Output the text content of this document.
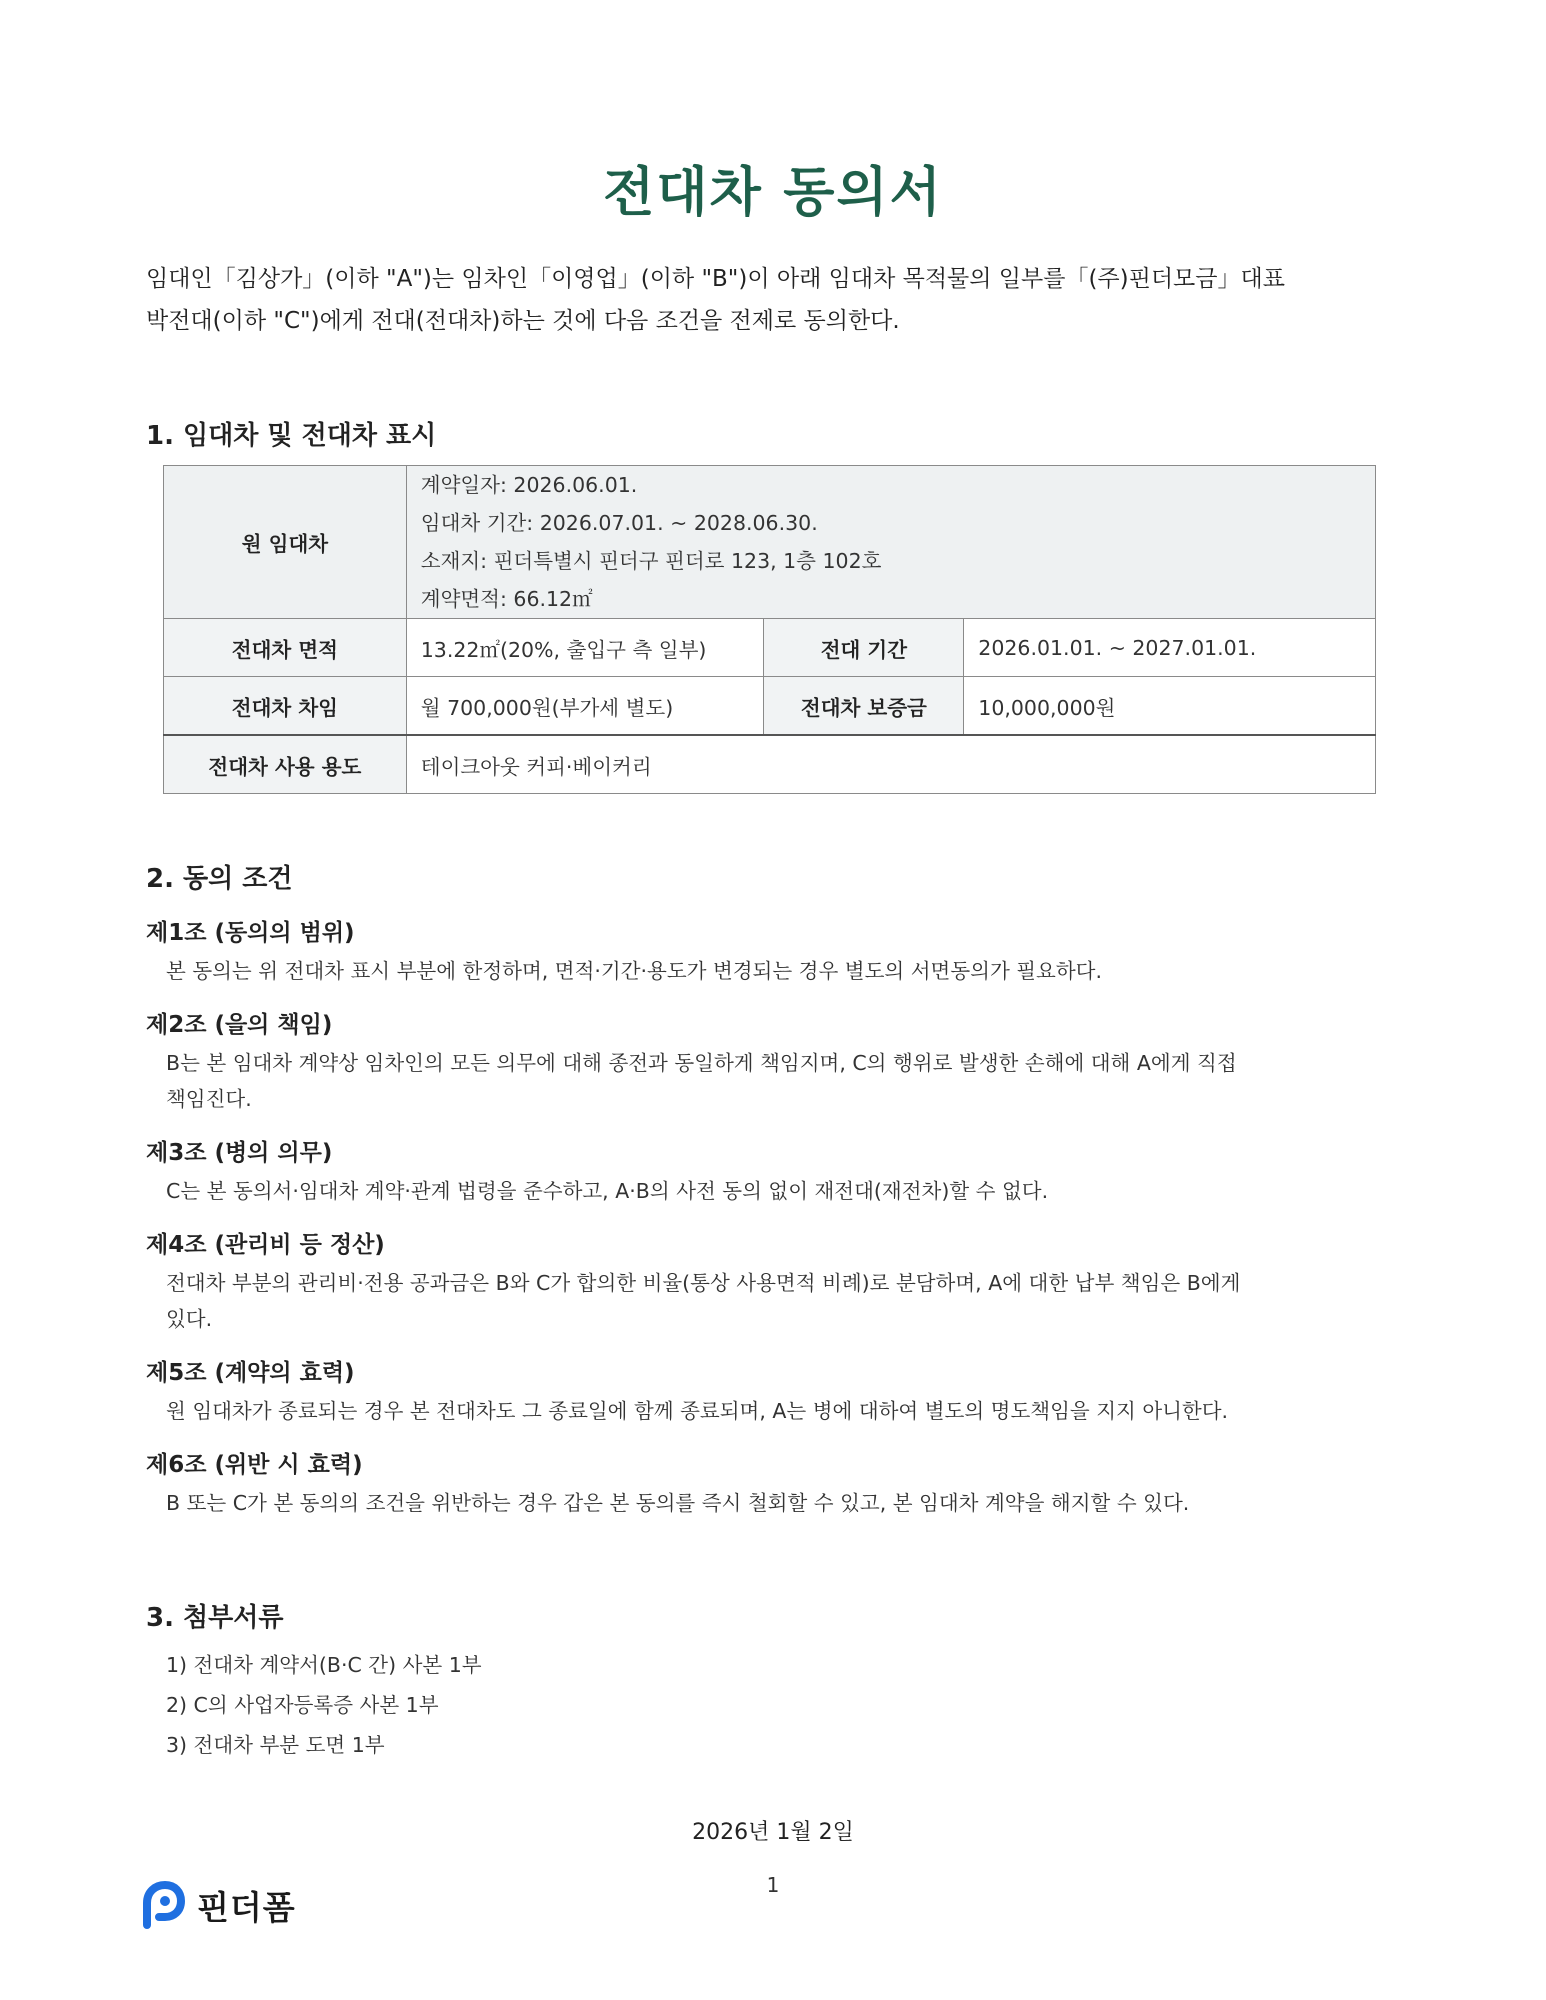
전대차 동의서

임대인「김상가」(이하 "A")는 임차인「이영업」(이하 "B")이 아래 임대차 목적물의 일부를「(주)핀더모금」대표

박전대(이하 "C")에게 전대(전대차)하는 것에 다음 조건을 전제로 동의한다.

1. 임대차 및 전대차 표시
원 임대차	계약일자: 2026.06.01.

임대차 기간: 2026.07.01. ~ 2028.06.30.

소재지: 핀더특별시 핀더구 핀더로 123, 1층 102호

계약면적: 66.12㎡		

전대차 면적	13.22㎡(20%, 출입구 측 일부)	전대 기간	2026.01.01. ~ 2027.01.01.
전대차 차임	월 700,000원(부가세 별도)	전대차 보증금	10,000,000원
전대차 사용 용도	테이크아웃 커피·베이커리		
2. 동의 조건
제1조 (동의의 범위)

본 동의는 위 전대차 표시 부분에 한정하며, 면적·기간·용도가 변경되는 경우 별도의 서면동의가 필요하다.

제2조 (을의 책임)

B는 본 임대차 계약상 임차인의 모든 의무에 대해 종전과 동일하게 책임지며, C의 행위로 발생한 손해에 대해 A에게 직접

책임진다.

제3조 (병의 의무)

C는 본 동의서·임대차 계약·관계 법령을 준수하고, A·B의 사전 동의 없이 재전대(재전차)할 수 없다.

제4조 (관리비 등 정산)

전대차 부분의 관리비·전용 공과금은 B와 C가 합의한 비율(통상 사용면적 비례)로 분담하며, A에 대한 납부 책임은 B에게

있다.

제5조 (계약의 효력)

원 임대차가 종료되는 경우 본 전대차도 그 종료일에 함께 종료되며, A는 병에 대하여 별도의 명도책임을 지지 아니한다.

제6조 (위반 시 효력)

B 또는 C가 본 동의의 조건을 위반하는 경우 갑은 본 동의를 즉시 철회할 수 있고, 본 임대차 계약을 해지할 수 있다.

3. 첨부서류

1) 전대차 계약서(B·C 간) 사본 1부

2) C의 사업자등록증 사본 1부

3) 전대차 부분 도면 1부

2026년 1월 2일
1
핀더폼
